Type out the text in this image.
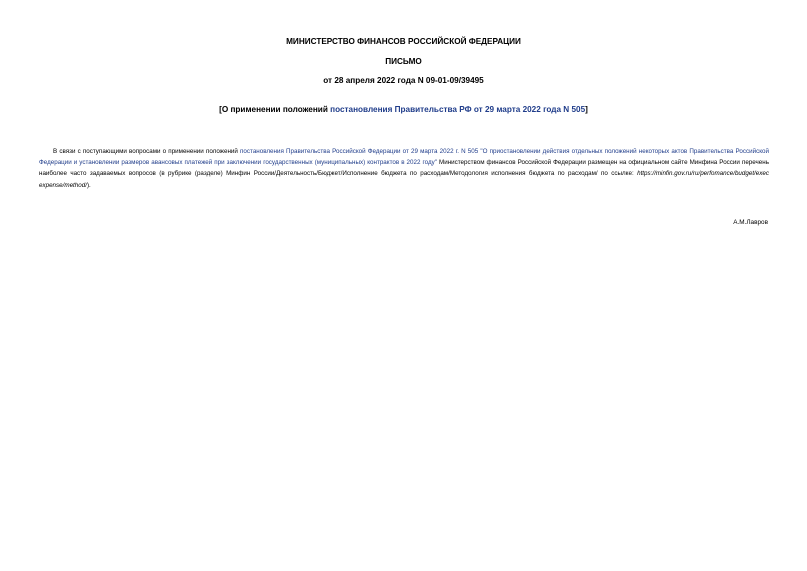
МИНИСТЕРСТВО ФИНАНСОВ РОССИЙСКОЙ ФЕДЕРАЦИИ
ПИСЬМО
от 28 апреля 2022 года N 09-01-09/39495
[О применении положений постановления Правительства РФ от 29 марта 2022 года N 505]

В связи с поступающими вопросами о применении положений постановления Правительства Российской Федерации от 29 марта 2022 г. N 505 "О приостановлении действия отдельных положений некоторых актов Правительства Российской Федерации и установлении размеров авансовых платежей при заключении государственных (муниципальных) контрактов в 2022 году" Министерством финансов Российской Федерации размещен на официальном сайте Минфина России перечень наиболее часто задаваемых вопросов (в рубрике (разделе) Минфин России/Деятельность/Бюджет/Исполнение бюджета по расходам/Методология исполнения бюджета по расходам/ по ссылке: https://minfin.gov.ru/ru/perfomance/budget/exec expense/method/).

А.М.Лавров
